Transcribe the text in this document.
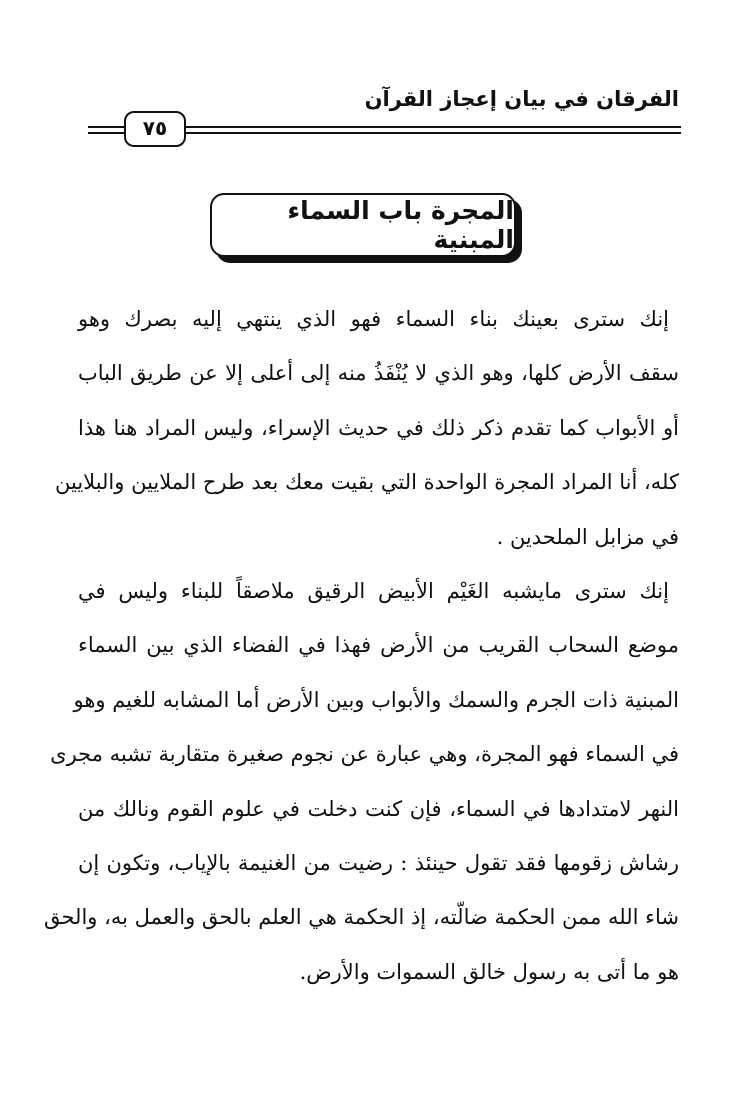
الفرقان في بيان إعجاز القرآن
٧٥
المجرة باب السماء المبنية

إنك سترى بعينك بناء السماء فهو الذي ينتهي إليه بصرك وهو
سقف الأرض كلها، وهو الذي لا يُنْفَذُ منه إلى أعلى إلا عن طريق الباب
أو الأبواب كما تقدم ذكر ذلك في حديث الإسراء، وليس المراد هنا هذا
كله، أنا المراد المجرة الواحدة التي بقيت معك بعد طرح الملايين والبلايين
في مزابل الملحدين .

إنك سترى مايشبه الغَيْم الأبيض الرقيق ملاصقاً للبناء وليس في
موضع السحاب القريب من الأرض فهذا في الفضاء الذي بين السماء
المبنية ذات الجرم والسمك والأبواب وبين الأرض أما المشابه للغيم وهو
في السماء فهو المجرة، وهي عبارة عن نجوم صغيرة متقاربة تشبه مجرى
النهر لامتدادها في السماء، فإن كنت دخلت في علوم القوم ونالك من
رشاش زقومها فقد تقول حينئذ : رضيت من الغنيمة بالإياب، وتكون إن
شاء الله ممن الحكمة ضالّته، إذ الحكمة هي العلم بالحق والعمل به، والحق
هو ما أتى به رسول خالق السموات والأرض.
